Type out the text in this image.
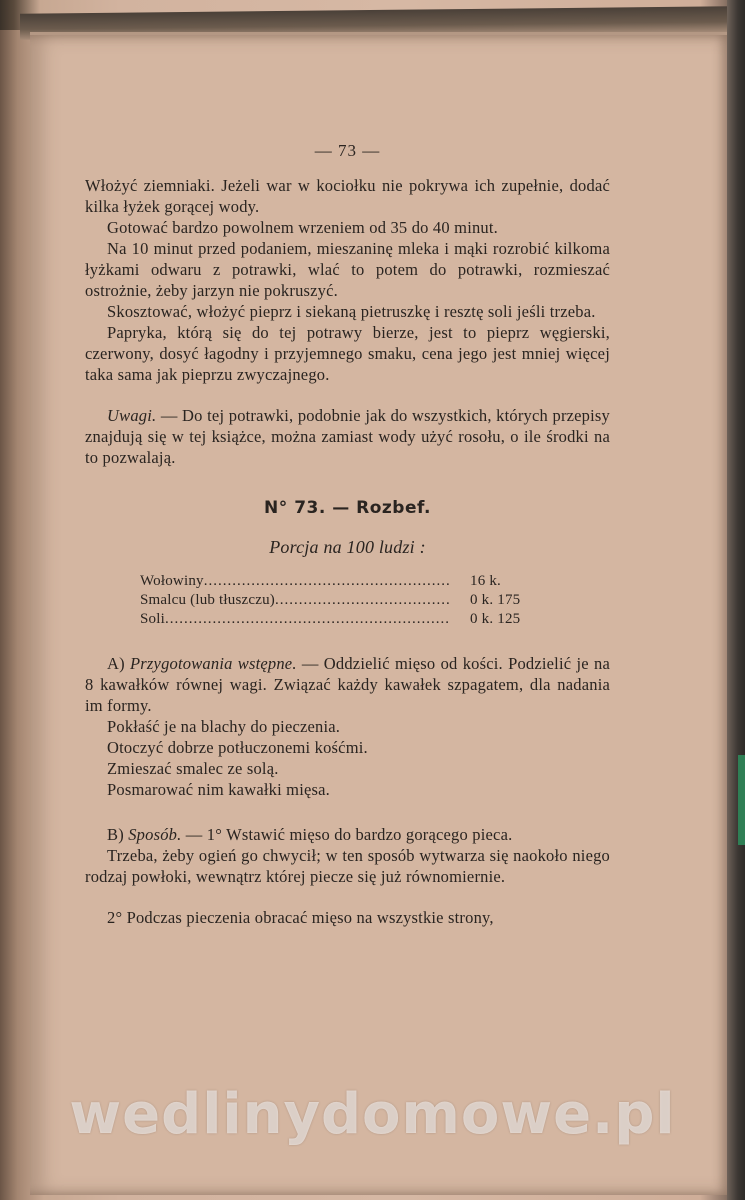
— 73 —

Włożyć ziemniaki. Jeżeli war w kociołku nie pokrywa ich zupełnie, dodać kilka łyżek gorącej wody.

Gotować bardzo powolnem wrzeniem od 35 do 40 minut.

Na 10 minut przed podaniem, mieszaninę mleka i mąki rozrobić kilkoma łyżkami odwaru z potrawki, wlać to potem do potrawki, rozmieszać ostrożnie, żeby jarzyn nie pokruszyć.

Skosztować, włożyć pieprz i siekaną pietruszkę i resztę soli jeśli trzeba.

Papryka, którą się do tej potrawy bierze, jest to pieprz węgierski, czerwony, dosyć łagodny i przyjemnego smaku, cena jego jest mniej więcej taka sama jak pieprzu zwyczajnego.

Uwagi. — Do tej potrawki, podobnie jak do wszystkich, których przepisy znajdują się w tej książce, można zamiast wody użyć rosołu, o ile środki na to pozwalają.

N° 73. — Rozbef.
Porcja na 100 ludzi :
Wołowiny .....	16 k.
Smalcu (lub tłuszczu) .....	0 k. 175
Soli .....	0 k. 125

A) Przygotowania wstępne. — Oddzielić mięso od kości. Podzielić je na 8 kawałków równej wagi. Związać każdy kawałek szpagatem, dla nadania im formy.

Pokłaść je na blachy do pieczenia.

Otoczyć dobrze potłuczonemi kośćmi.

Zmieszać smalec ze solą.

Posmarować nim kawałki mięsa.

B) Sposób. — 1° Wstawić mięso do bardzo gorącego pieca.

Trzeba, żeby ogień go chwycił; w ten sposób wytwarza się naokoło niego rodzaj powłoki, wewnątrz której piecze się już równomiernie.

2° Podczas pieczenia obracać mięso na wszystkie strony,

wedlinydomowe.pl
